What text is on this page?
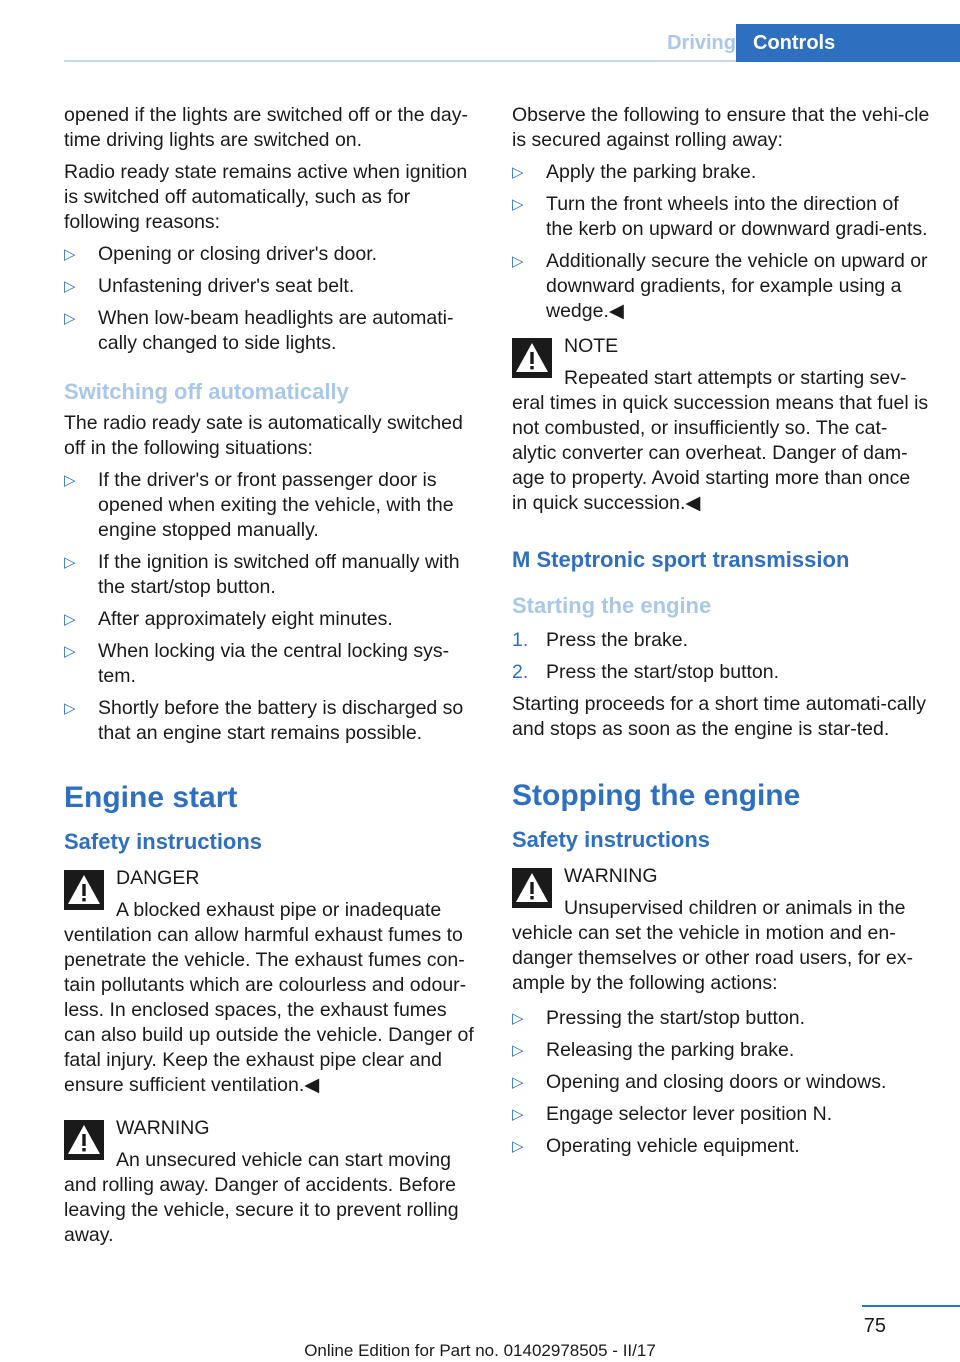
Driving Controls

opened if the lights are switched off or the day-time driving lights are switched on.

Radio ready state remains active when ignition is switched off automatically, such as for following reasons:

▷ Opening or closing driver's door.
▷ Unfastening driver's seat belt.
▷ When low-beam headlights are automati-cally changed to side lights.
Switching off automatically

The radio ready sate is automatically switched off in the following situations:

▷ If the driver's or front passenger door is opened when exiting the vehicle, with the engine stopped manually.
▷ If the ignition is switched off manually with the start/stop button.
▷ After approximately eight minutes.
▷ When locking via the central locking sys-tem.
▷ Shortly before the battery is discharged so that an engine start remains possible.
Engine start
Safety instructions
DANGER
A blocked exhaust pipe or inadequate ventilation can allow harmful exhaust fumes to penetrate the vehicle. The exhaust fumes con-tain pollutants which are colourless and odour-less. In enclosed spaces, the exhaust fumes can also build up outside the vehicle. Danger of fatal injury. Keep the exhaust pipe clear and ensure sufficient ventilation.◀
WARNING
An unsecured vehicle can start moving and rolling away. Danger of accidents. Before leaving the vehicle, secure it to prevent rolling away.

Observe the following to ensure that the vehi-cle is secured against rolling away:

▷ Apply the parking brake.
▷ Turn the front wheels into the direction of the kerb on upward or downward gradi-ents.
▷ Additionally secure the vehicle on upward or downward gradients, for example using a wedge.◀
NOTE
Repeated start attempts or starting sev-eral times in quick succession means that fuel is not combusted, or insufficiently so. The cat-alytic converter can overheat. Danger of dam-age to property. Avoid starting more than once in quick succession.◀
M Steptronic sport transmission
Starting the engine
1. Press the brake.
2. Press the start/stop button.

Starting proceeds for a short time automati-cally and stops as soon as the engine is star-ted.

Stopping the engine
Safety instructions
WARNING
Unsupervised children or animals in the vehicle can set the vehicle in motion and en-danger themselves or other road users, for ex-ample by the following actions:
▷ Pressing the start/stop button.
▷ Releasing the parking brake.
▷ Opening and closing doors or windows.
▷ Engage selector lever position N.
▷ Operating vehicle equipment.
75
Online Edition for Part no. 01402978505 - II/17
